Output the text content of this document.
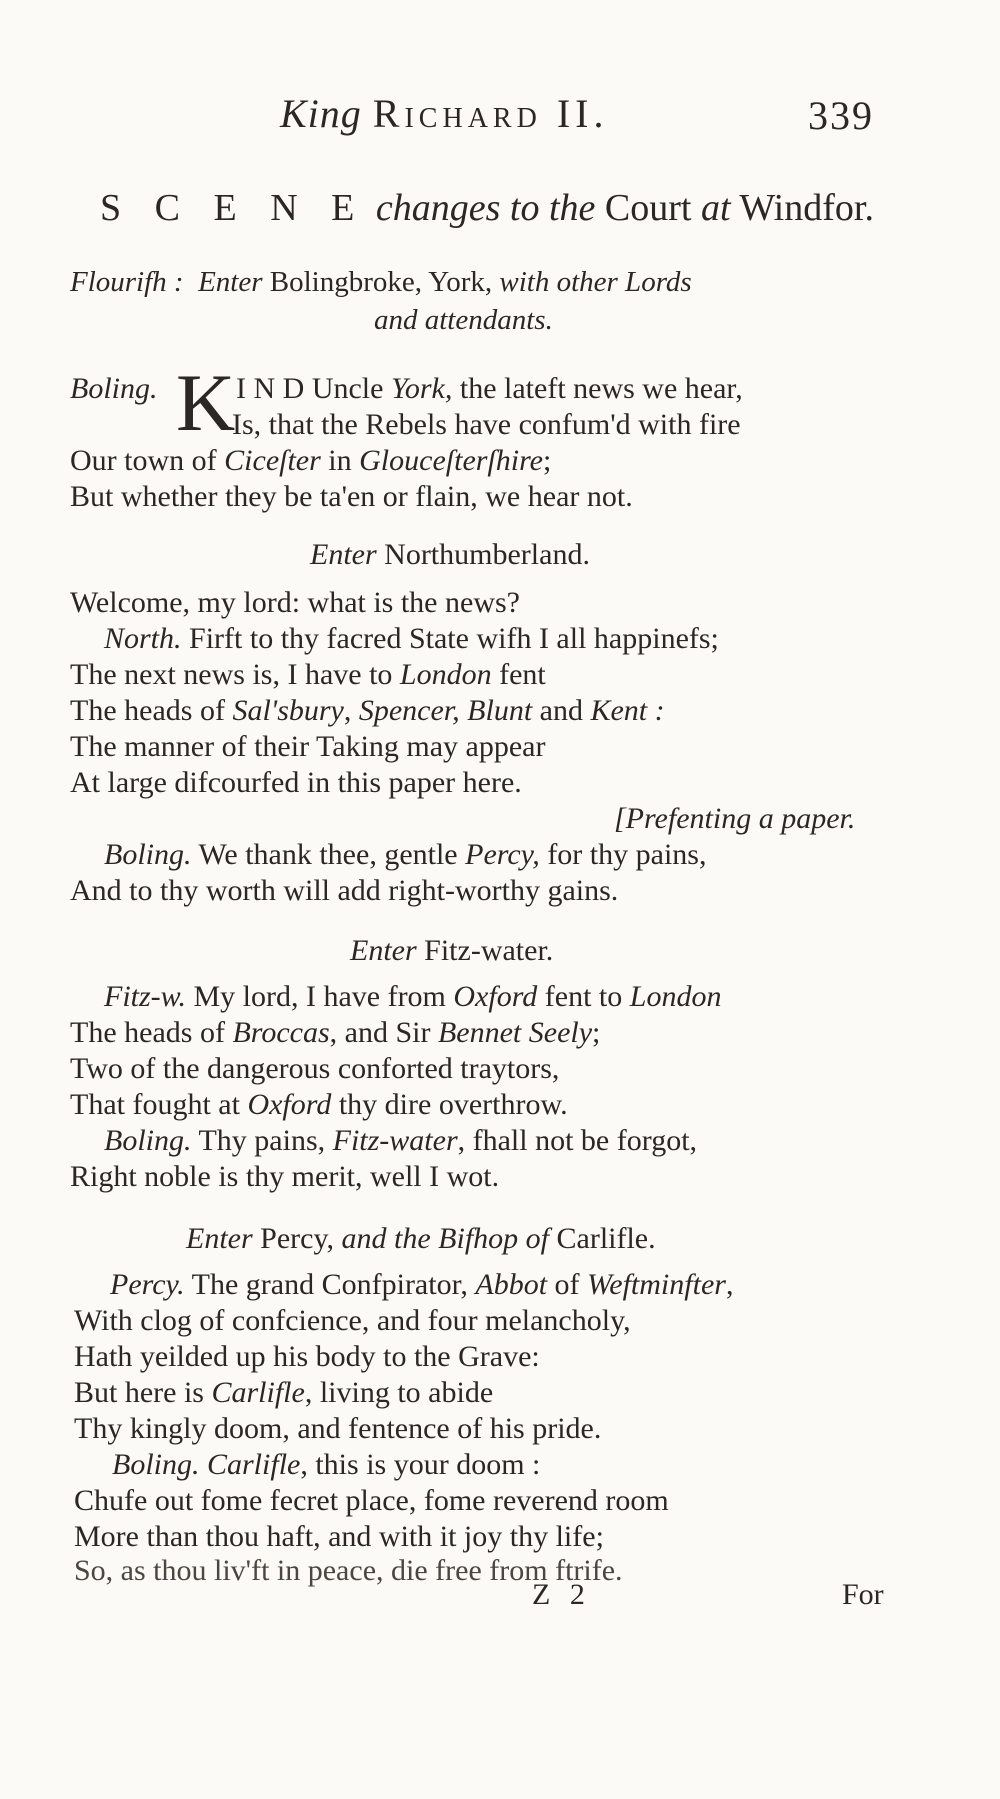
King Richard II.	339
S C E N E changes to the Court at Windfor.
Flourifh : Enter Bolingbroke, York, with other Lords
and attendants.
Boling. K I N D Uncle York, the lateft news we hear,
Is, that the Rebels have confum'd with fire
Our town of Ciceſter in Glouceſterſhire;
But whether they be ta'en or flain, we hear not.
Enter Northumberland.
Welcome, my lord: what is the news?
North. Firft to thy facred State wifh I all happinefs;
The next news is, I have to London fent
The heads of Sal'sbury, Spencer, Blunt and Kent :
The manner of their Taking may appear
At large difcourfed in this paper here.
[Prefenting a paper.
Boling. We thank thee, gentle Percy, for thy pains,
And to thy worth will add right-worthy gains.
Enter Fitz-water.
Fitz-w. My lord, I have from Oxford fent to London
The heads of Broccas, and Sir Bennet Seely;
Two of the dangerous conforted traytors,
That fought at Oxford thy dire overthrow.
Boling. Thy pains, Fitz-water, fhall not be forgot,
Right noble is thy merit, well I wot.
Enter Percy, and the Bifhop of Carlifle.
Percy. The grand Confpirator, Abbot of Weftminfter,
With clog of confcience, and four melancholy,
Hath yeilded up his body to the Grave:
But here is Carlifle, living to abide
Thy kingly doom, and fentence of his pride.
Boling. Carlifle, this is your doom :
Chufe out fome fecret place, fome reverend room
More than thou haft, and with it joy thy life;
So, as thou liv'ft in peace, die free from ftrife.
Z 2	For
